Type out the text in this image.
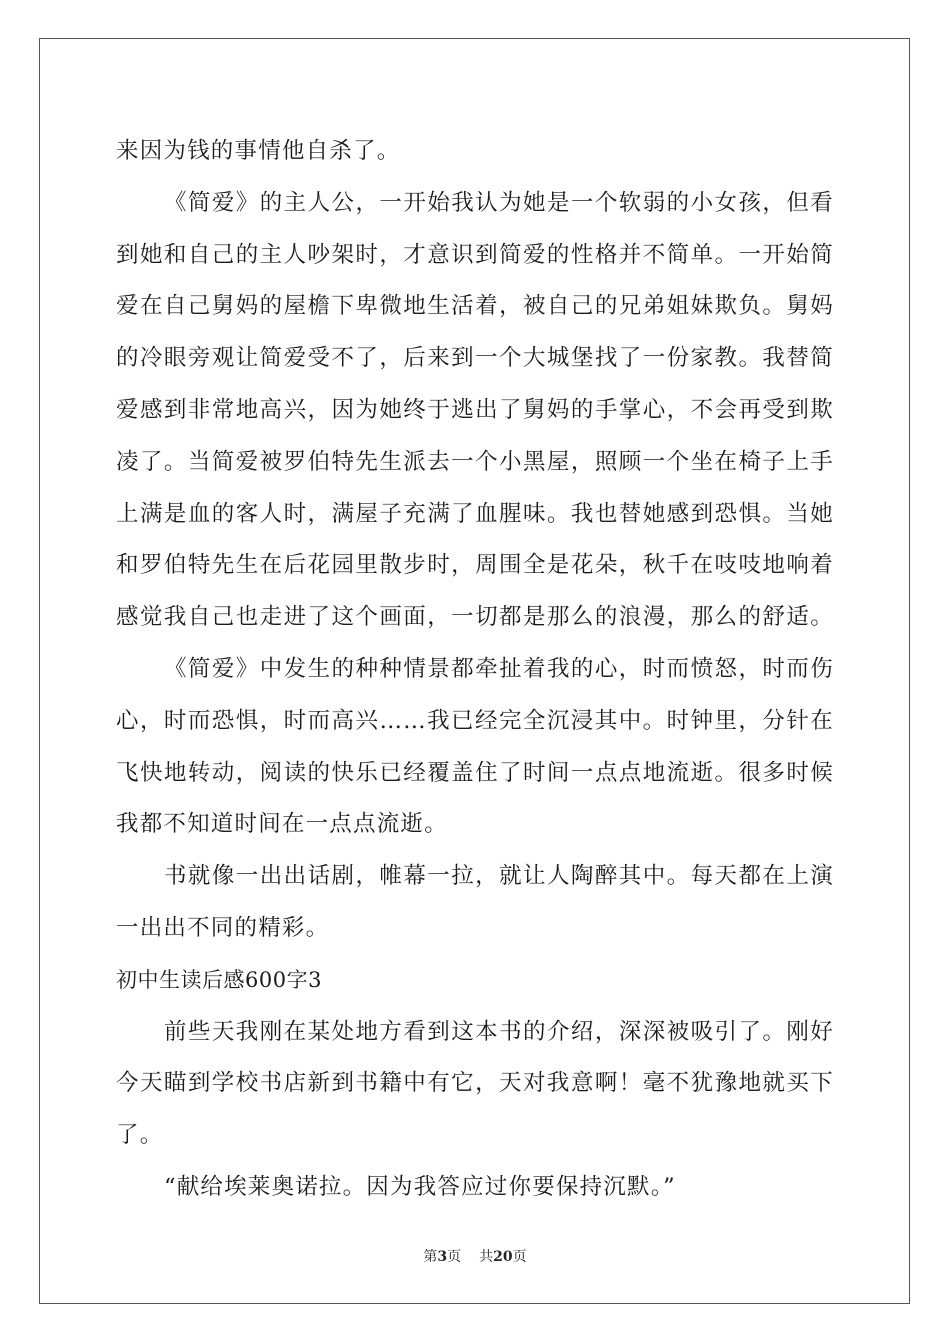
来因为钱的事情他自杀了。
《简爱》的主人公，一开始我认为她是一个软弱的小女孩，但看
到她和自己的主人吵架时，才意识到简爱的性格并不简单。一开始简
爱在自己舅妈的屋檐下卑微地生活着，被自己的兄弟姐妹欺负。舅妈
的冷眼旁观让简爱受不了，后来到一个大城堡找了一份家教。我替简
爱感到非常地高兴，因为她终于逃出了舅妈的手掌心，不会再受到欺
凌了。当简爱被罗伯特先生派去一个小黑屋，照顾一个坐在椅子上手
上满是血的客人时，满屋子充满了血腥味。我也替她感到恐惧。当她
和罗伯特先生在后花园里散步时，周围全是花朵，秋千在吱吱地响着
感觉我自己也走进了这个画面，一切都是那么的浪漫，那么的舒适。
《简爱》中发生的种种情景都牵扯着我的心，时而愤怒，时而伤
心，时而恐惧，时而高兴……我已经完全沉浸其中。时钟里，分针在
飞快地转动，阅读的快乐已经覆盖住了时间一点点地流逝。很多时候
我都不知道时间在一点点流逝。
书就像一出出话剧，帷幕一拉，就让人陶醉其中。每天都在上演
一出出不同的精彩。
初中生读后感600字3
前些天我刚在某处地方看到这本书的介绍，深深被吸引了。刚好
今天瞄到学校书店新到书籍中有它，天对我意啊！毫不犹豫地就买下
了。
“献给埃莱奥诺拉。因为我答应过你要保持沉默。”
第3页 共20页
